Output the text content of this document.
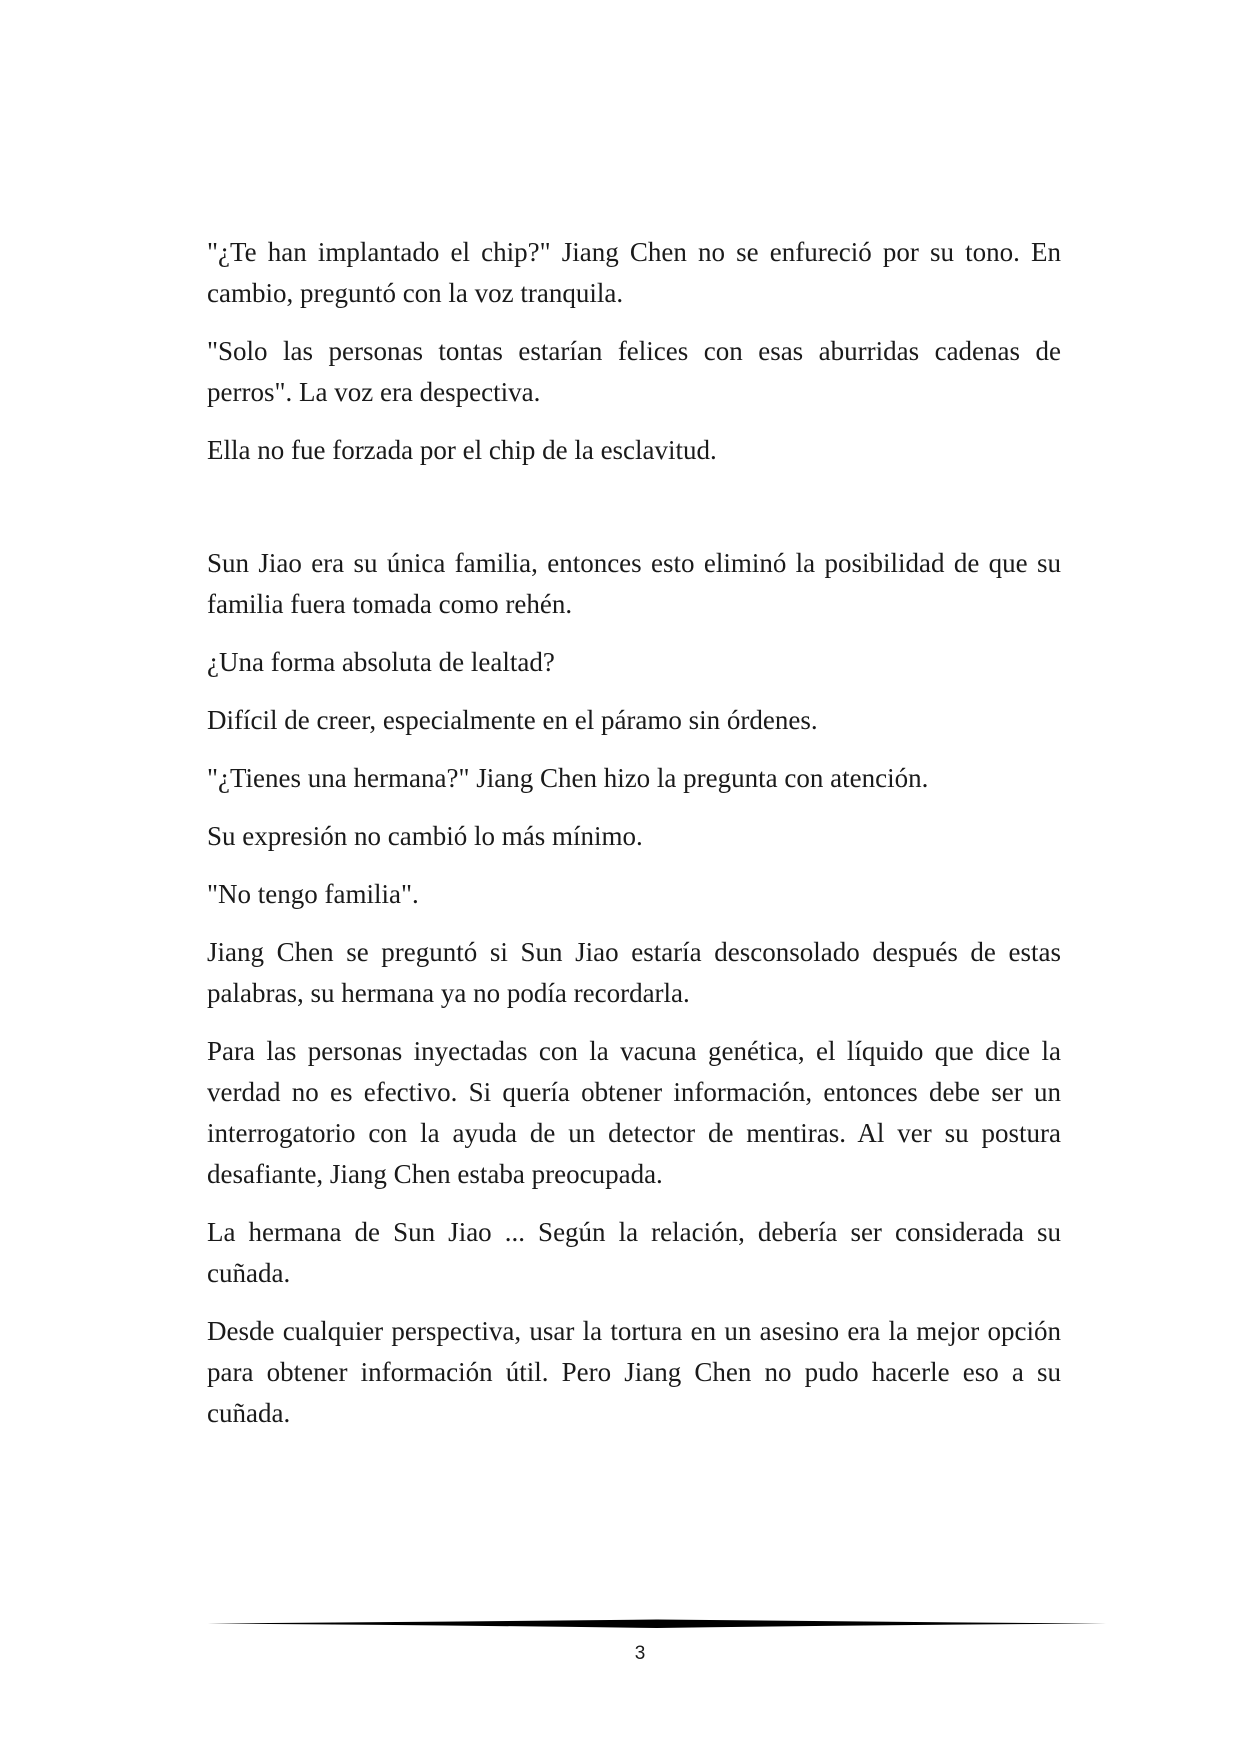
"¿Te han implantado el chip?" Jiang Chen no se enfureció por su tono. En cambio, preguntó con la voz tranquila.

"Solo las personas tontas estarían felices con esas aburridas cadenas de perros". La voz era despectiva.

Ella no fue forzada por el chip de la esclavitud.

Sun Jiao era su única familia, entonces esto eliminó la posibilidad de que su familia fuera tomada como rehén.

¿Una forma absoluta de lealtad?

Difícil de creer, especialmente en el páramo sin órdenes.

"¿Tienes una hermana?" Jiang Chen hizo la pregunta con atención.

Su expresión no cambió lo más mínimo.

"No tengo familia".

Jiang Chen se preguntó si Sun Jiao estaría desconsolado después de estas palabras, su hermana ya no podía recordarla.

Para las personas inyectadas con la vacuna genética, el líquido que dice la verdad no es efectivo. Si quería obtener información, entonces debe ser un interrogatorio con la ayuda de un detector de mentiras. Al ver su postura desafiante, Jiang Chen estaba preocupada.

La hermana de Sun Jiao ... Según la relación, debería ser considerada su cuñada.

Desde cualquier perspectiva, usar la tortura en un asesino era la mejor opción para obtener información útil. Pero Jiang Chen no pudo hacerle eso a su cuñada.

3
